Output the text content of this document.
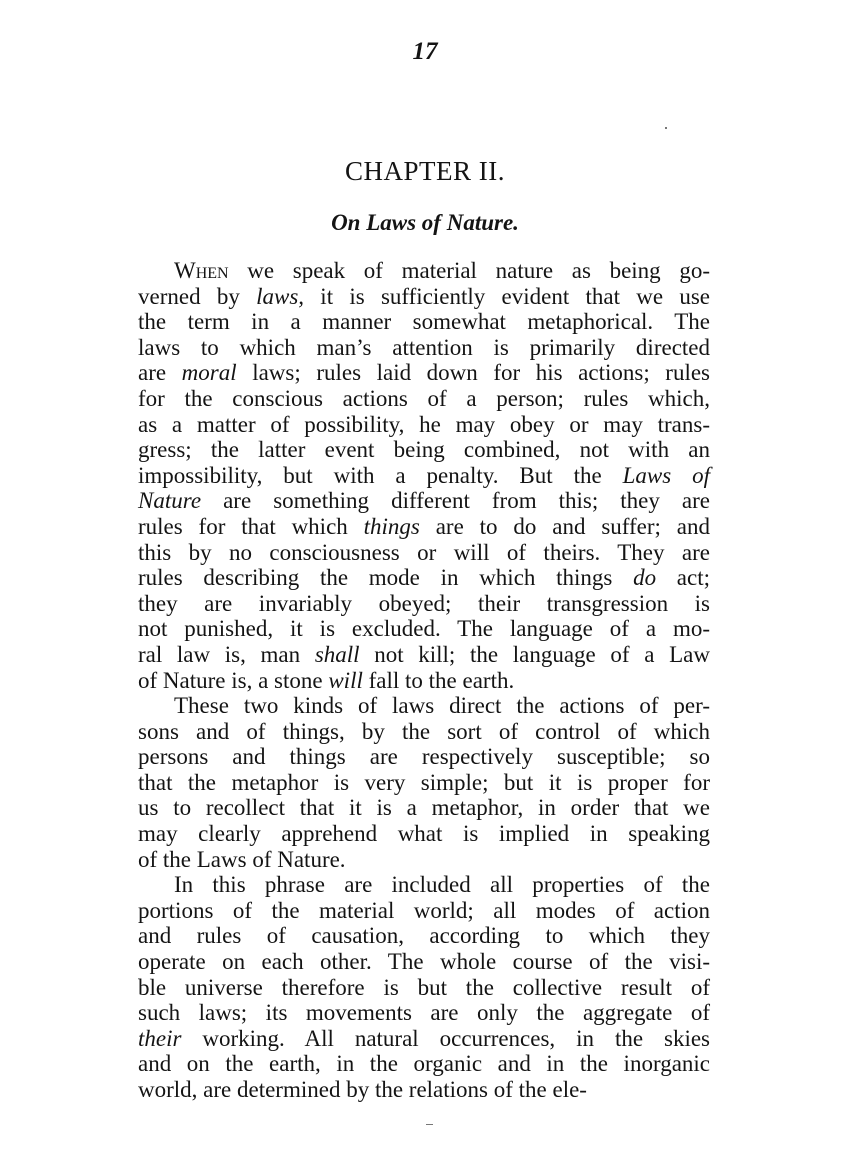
17
CHAPTER II.
On Laws of Nature.
When we speak of material nature as being go-
verned by laws, it is sufficiently evident that we use
the term in a manner somewhat metaphorical. The
laws to which man’s attention is primarily directed
are moral laws; rules laid down for his actions; rules
for the conscious actions of a person; rules which,
as a matter of possibility, he may obey or may trans-
gress; the latter event being combined, not with an
impossibility, but with a penalty. But the Laws of
Nature are something different from this; they are
rules for that which things are to do and suffer; and
this by no consciousness or will of theirs. They are
rules describing the mode in which things do act;
they are invariably obeyed; their transgression is
not punished, it is excluded. The language of a mo-
ral law is, man shall not kill; the language of a Law
of Nature is, a stone will fall to the earth.
These two kinds of laws direct the actions of per-
sons and of things, by the sort of control of which
persons and things are respectively susceptible; so
that the metaphor is very simple; but it is proper for
us to recollect that it is a metaphor, in order that we
may clearly apprehend what is implied in speaking
of the Laws of Nature.
In this phrase are included all properties of the
portions of the material world; all modes of action
and rules of causation, according to which they
operate on each other. The whole course of the visi-
ble universe therefore is but the collective result of
such laws; its movements are only the aggregate of
their working. All natural occurrences, in the skies
and on the earth, in the organic and in the inorganic
world, are determined by the relations of the ele-
